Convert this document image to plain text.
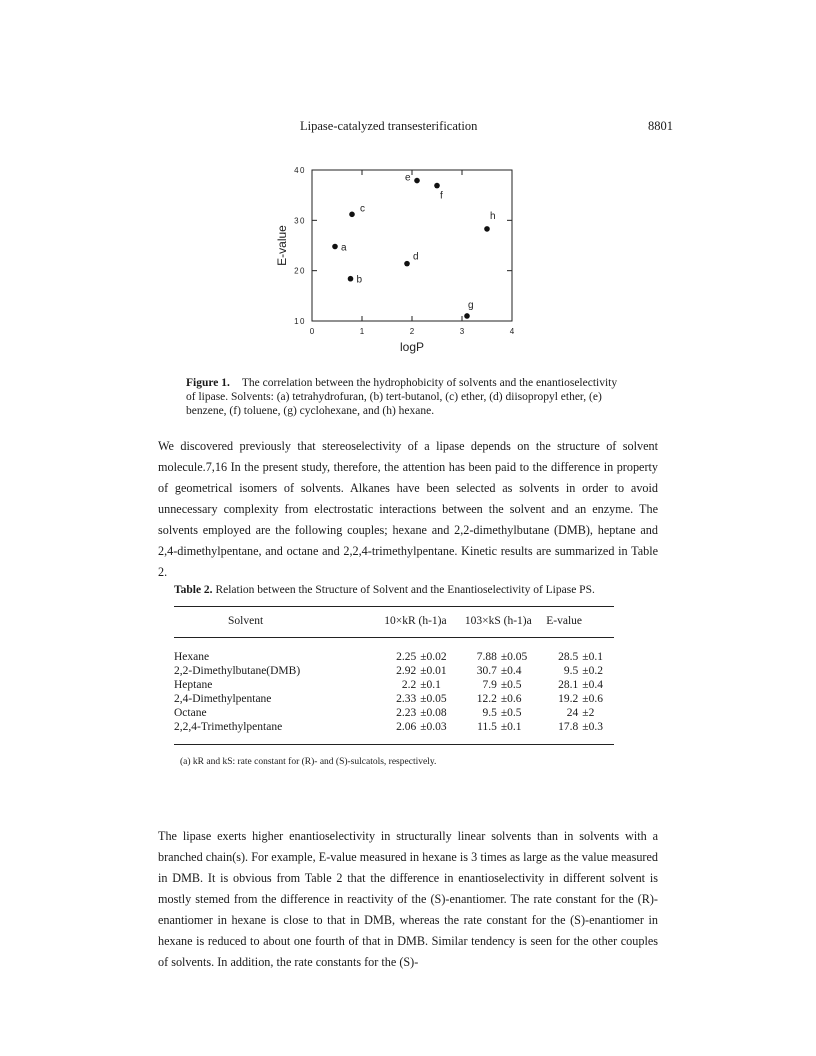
Lipase-catalyzed transesterification	8801
0	1	2	3	4
10
20
30
40
logP
E-value	a
b
c
d
e
f
g
h
Figure 1. The correlation between the hydrophobicity of solvents and the enantioselectivity of lipase. Solvents: (a) tetrahydrofuran, (b) tert-butanol, (c) ether, (d) diisopropyl ether, (e) benzene, (f) toluene, (g) cyclohexane, and (h) hexane.
We discovered previously that stereoselectivity of a lipase depends on the structure of solvent molecule.7,16 In the present study, therefore, the attention has been paid to the difference in property of geometrical isomers of solvents. Alkanes have been selected as solvents in order to avoid unnecessary complexity from electrostatic interactions between the solvent and an enzyme. The solvents employed are the following couples; hexane and 2,2-dimethylbutane (DMB), heptane and 2,4-dimethylpentane, and octane and 2,2,4-trimethylpentane. Kinetic results are summarized in Table 2.
Table 2. Relation between the Structure of Solvent and the Enantioselectivity of Lipase PS.
Solvent	10×kR (h-1)a	103×kS (h-1)a	E-value
Hexane	2.25 ±0.02	7.88 ±0.05	28.5 ±0.1
2,2-Dimethylbutane(DMB)	2.92 ±0.01	30.7 ±0.4	9.5 ±0.2
Heptane	2.2 ±0.1	7.9 ±0.5	28.1 ±0.4
2,4-Dimethylpentane	2.33 ±0.05	12.2 ±0.6	19.2 ±0.6
Octane	2.23 ±0.08	9.5 ±0.5	24 ±2
2,2,4-Trimethylpentane	2.06 ±0.03	11.5 ±0.1	17.8 ±0.3
(a) kR and kS: rate constant for (R)- and (S)-sulcatols, respectively.
The lipase exerts higher enantioselectivity in structurally linear solvents than in solvents with a branched chain(s). For example, E-value measured in hexane is 3 times as large as the value measured in DMB. It is obvious from Table 2 that the difference in enantioselectivity in different solvent is mostly stemed from the difference in reactivity of the (S)-enantiomer. The rate constant for the (R)-enantiomer in hexane is close to that in DMB, whereas the rate constant for the (S)-enantiomer in hexane is reduced to about one fourth of that in DMB. Similar tendency is seen for the other couples of solvents. In addition, the rate constants for the (S)-
